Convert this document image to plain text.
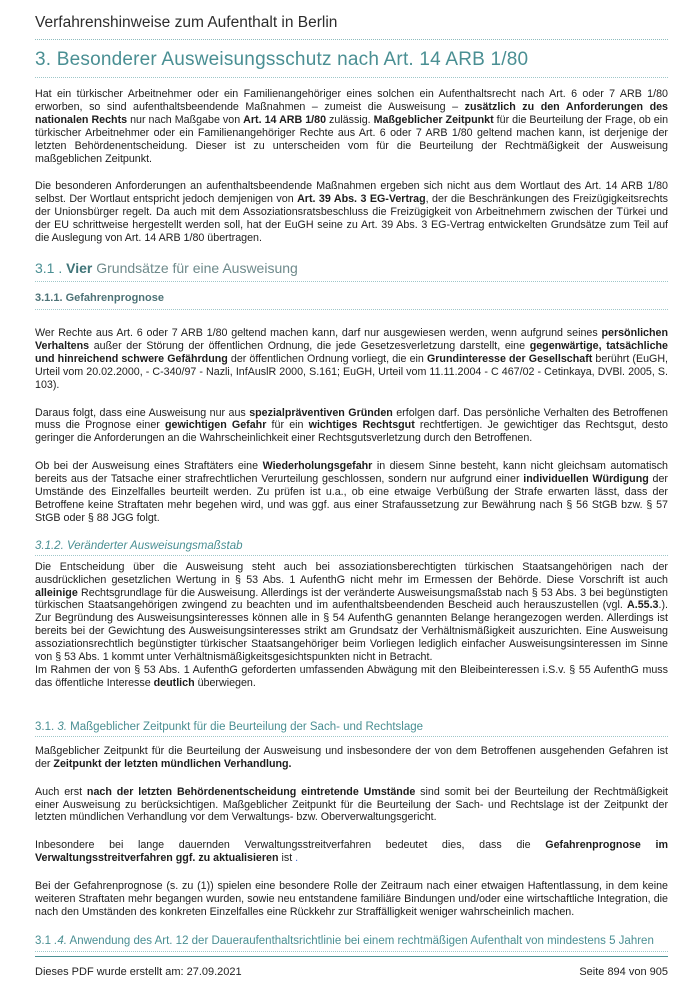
Verfahrenshinweise zum Aufenthalt in Berlin
3. Besonderer Ausweisungsschutz nach Art. 14 ARB 1/80

Hat ein türkischer Arbeitnehmer oder ein Familienangehöriger eines solchen ein Aufenthaltsrecht nach Art. 6 oder 7 ARB 1/80 erworben, so sind aufenthaltsbeendende Maßnahmen – zumeist die Ausweisung – zusätzlich zu den Anforderungen des nationalen Rechts nur nach Maßgabe von Art. 14 ARB 1/80 zulässig. Maßgeblicher Zeitpunkt für die Beurteilung der Frage, ob ein türkischer Arbeitnehmer oder ein Familienangehöriger Rechte aus Art. 6 oder 7 ARB 1/80 geltend machen kann, ist derjenige der letzten Behördenentscheidung. Dieser ist zu unterscheiden vom für die Beurteilung der Rechtmäßigkeit der Ausweisung maßgeblichen Zeitpunkt.

Die besonderen Anforderungen an aufenthaltsbeendende Maßnahmen ergeben sich nicht aus dem Wortlaut des Art. 14 ARB 1/80 selbst. Der Wortlaut entspricht jedoch demjenigen von Art. 39 Abs. 3 EG-Vertrag, der die Beschränkungen des Freizügigkeitsrechts der Unionsbürger regelt. Da auch mit dem Assoziationsratsbeschluss die Freizügigkeit von Arbeitnehmern zwischen der Türkei und der EU schrittweise hergestellt werden soll, hat der EuGH seine zu Art. 39 Abs. 3 EG-Vertrag entwickelten Grundsätze zum Teil auf die Auslegung von Art. 14 ARB 1/80 übertragen.

3.1 . Vier Grundsätze für eine Ausweisung
3.1.1. Gefahrenprognose

Wer Rechte aus Art. 6 oder 7 ARB 1/80 geltend machen kann, darf nur ausgewiesen werden, wenn aufgrund seines persönlichen Verhaltens außer der Störung der öffentlichen Ordnung, die jede Gesetzesverletzung darstellt, eine gegenwärtige, tatsächliche und hinreichend schwere Gefährdung der öffentlichen Ordnung vorliegt, die ein Grundinteresse der Gesellschaft berührt (EuGH, Urteil vom 20.02.2000, - C-340/97 - Nazli, InfAuslR 2000, S.161; EuGH, Urteil vom 11.11.2004 - C 467/02 - Cetinkaya, DVBl. 2005, S. 103).

Daraus folgt, dass eine Ausweisung nur aus spezialpräventiven Gründen erfolgen darf. Das persönliche Verhalten des Betroffenen muss die Prognose einer gewichtigen Gefahr für ein wichtiges Rechtsgut rechtfertigen. Je gewichtiger das Rechtsgut, desto geringer die Anforderungen an die Wahrscheinlichkeit einer Rechtsgutsverletzung durch den Betroffenen.

Ob bei der Ausweisung eines Straftäters eine Wiederholungsgefahr in diesem Sinne besteht, kann nicht gleichsam automatisch bereits aus der Tatsache einer strafrechtlichen Verurteilung geschlossen, sondern nur aufgrund einer individuellen Würdigung der Umstände des Einzelfalles beurteilt werden. Zu prüfen ist u.a., ob eine etwaige Verbüßung der Strafe erwarten lässt, dass der Betroffene keine Straftaten mehr begehen wird, und was ggf. aus einer Strafaussetzung zur Bewährung nach § 56 StGB bzw. § 57 StGB oder § 88 JGG folgt.

3.1.2. Veränderter Ausweisungsmaßstab

Die Entscheidung über die Ausweisung steht auch bei assoziationsberechtigten türkischen Staatsangehörigen nach der ausdrücklichen gesetzlichen Wertung in § 53 Abs. 1 AufenthG nicht mehr im Ermessen der Behörde. Diese Vorschrift ist auch alleinige Rechtsgrundlage für die Ausweisung. Allerdings ist der veränderte Ausweisungsmaßstab nach § 53 Abs. 3 bei begünstigten türkischen Staatsangehörigen zwingend zu beachten und im aufenthaltsbeendenden Bescheid auch herauszustellen (vgl. A.55.3.). Zur Begründung des Ausweisungsinteresses können alle in § 54 AufenthG genannten Belange herangezogen werden. Allerdings ist bereits bei der Gewichtung des Ausweisungsinteresses strikt am Grundsatz der Verhältnismäßigkeit auszurichten. Eine Ausweisung assoziationsrechtlich begünstigter türkischer Staatsangehöriger beim Vorliegen lediglich einfacher Ausweisungsinteressen im Sinne von § 53 Abs. 1 kommt unter Verhältnismäßigkeitsgesichtspunkten nicht in Betracht.

Im Rahmen der von § 53 Abs. 1 AufenthG geforderten umfassenden Abwägung mit den Bleibeinteressen i.S.v. § 55 AufenthG muss das öffentliche Interesse deutlich überwiegen.

3.1. 3. Maßgeblicher Zeitpunkt für die Beurteilung der Sach- und Rechtslage

Maßgeblicher Zeitpunkt für die Beurteilung der Ausweisung und insbesondere der von dem Betroffenen ausgehenden Gefahren ist der Zeitpunkt der letzten mündlichen Verhandlung.

Auch erst nach der letzten Behördenentscheidung eintretende Umstände sind somit bei der Beurteilung der Rechtmäßigkeit einer Ausweisung zu berücksichtigen. Maßgeblicher Zeitpunkt für die Beurteilung der Sach- und Rechtslage ist der Zeitpunkt der letzten mündlichen Verhandlung vor dem Verwaltungs- bzw. Oberverwaltungsgericht.

Inbesondere bei lange dauernden Verwaltungsstreitverfahren bedeutet dies, dass die Gefahrenprognose im Verwaltungsstreitverfahren ggf. zu aktualisieren ist .

Bei der Gefahrenprognose (s. zu (1)) spielen eine besondere Rolle der Zeitraum nach einer etwaigen Haftentlassung, in dem keine weiteren Straftaten mehr begangen wurden, sowie neu entstandene familiäre Bindungen und/oder eine wirtschaftliche Integration, die nach den Umständen des konkreten Einzelfalles eine Rückkehr zur Straffälligkeit weniger wahrscheinlich machen.

3.1 .4. Anwendung des Art. 12 der Daueraufenthaltsrichtlinie bei einem rechtmäßigen Aufenthalt von mindestens 5 Jahren
Dieses PDF wurde erstellt am: 27.09.2021	Seite 894 von 905
